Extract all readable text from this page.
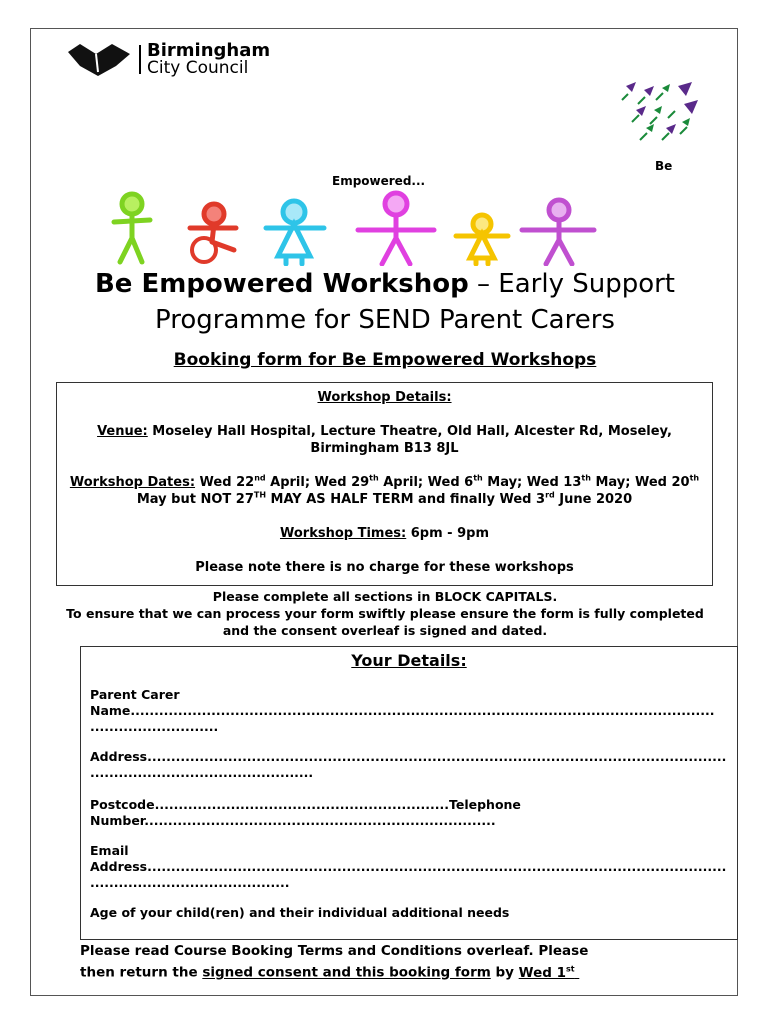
Birmingham
City Council
Be
Empowered...
Be Empowered Workshop – Early Support
Programme for SEND Parent Carers
Booking form for Be Empowered Workshops

Workshop Details:

Venue: Moseley Hall Hospital, Lecture Theatre, Old Hall, Alcester Rd, Moseley, Birmingham B13 8JL

Workshop Dates: Wed 22nd April; Wed 29th April; Wed 6th May; Wed 13th May; Wed 20th May but NOT 27TH MAY AS HALF TERM and finally Wed 3rd June 2020

Workshop Times: 6pm - 9pm

Please note there is no charge for these workshops

Please complete all sections in BLOCK CAPITALS.
To ensure that we can process your form swiftly please ensure the form is fully completed and the consent overleaf is signed and dated.
Your Details:
Parent Carer
Name...........................................................................................................................
...........................
Address..........................................................................................................................
...............................................
Postcode..............................................................Telephone
Number..........................................................................
Email
Address..........................................................................................................................
..........................................
Age of your child(ren) and their individual additional needs
Please read Course Booking Terms and Conditions overleaf. Please
then return the signed consent and this booking form by Wed 1st
